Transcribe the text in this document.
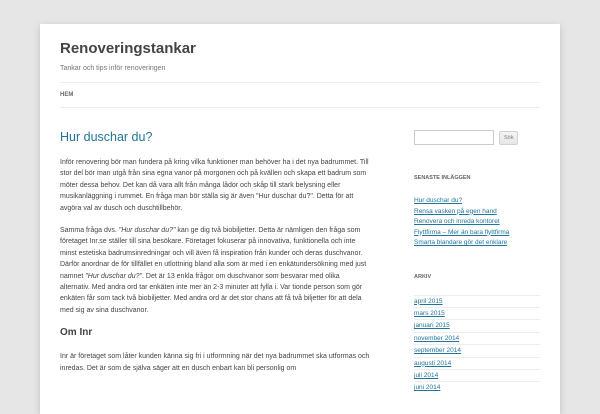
Renoveringstankar
Tankar och tips inför renoveringen
HEM
Hur duschar du?

Inför renovering bör man fundera på kring vilka funktioner man behöver ha i det nya badrummet. Till stor del bör man utgå från sina egna vanor på morgonen och på kvällen och skapa ett badrum som möter dessa behov. Det kan då vara allt från många lådor och skåp till stark belysning eller musikanläggning i rummet. En fråga man bör ställa sig är även "Hur duschar du?". Detta för att avgöra val av dusch och duschtillbehör.

Samma fråga dvs. "Hur duschar du?" kan ge dig två biobiljetter. Detta är nämligen den fråga som företaget Inr.se ställer till sina besökare. Företaget fokuserar på innovativa, funktionella och inte minst estetiska badrumsinredningar och vill även få inspiration från kunder och deras duschvanor. Därför anordnar de för tillfället en utlottning bland alla som är med i en enkätundersökning med just namnet "Hur duschar du?". Det är 13 enkla frågor om duschvanor som besvarar med olika alternativ. Med andra ord tar enkäten inte mer än 2-3 minuter att fylla i. Var tionde person som gör enkäten får som tack två biobiljetter. Med andra ord är det stor chans att få två biljetter för att dela med sig av sina duschvanor.

Om Inr

Inr är företaget som låter kunden känna sig fri i utformning när det nya badrummet ska utformas och inredas. Det är som de själva säger att en dusch enbart kan bli personlig om

Sök
SENASTE INLÄGGEN
Hur duschar du?
Rensa vasken på egen hand
Renovera och inreda kontoret
Flyttfirma – Mer än bara flyttfirma
Smarta blandare gör det enklare
ARKIV
april 2015
mars 2015
januari 2015
november 2014
september 2014
augusti 2014
juli 2014
juni 2014
